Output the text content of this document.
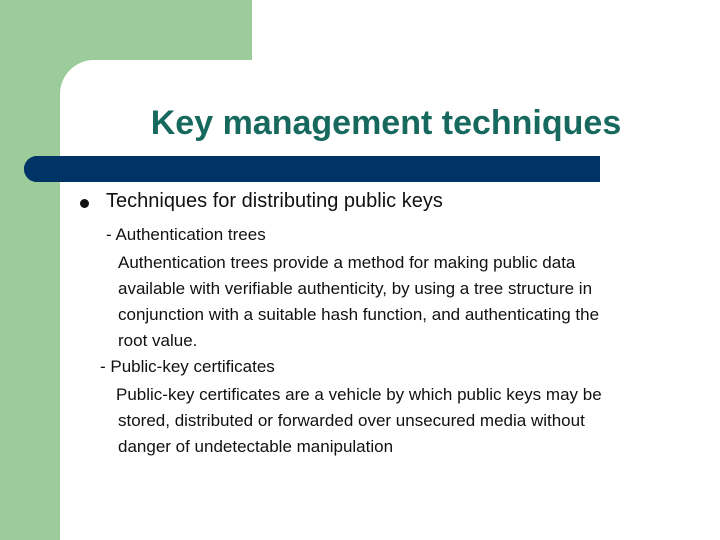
Key management techniques

Techniques for distributing public keys

- Authentication trees

Authentication trees provide a method for making public data

available with verifiable authenticity, by using a tree structure in

conjunction with a suitable hash function, and authenticating the

root value.

- Public-key certificates

Public-key certificates are a vehicle by which public keys may be

stored, distributed or forwarded over unsecured media without

danger of undetectable manipulation
